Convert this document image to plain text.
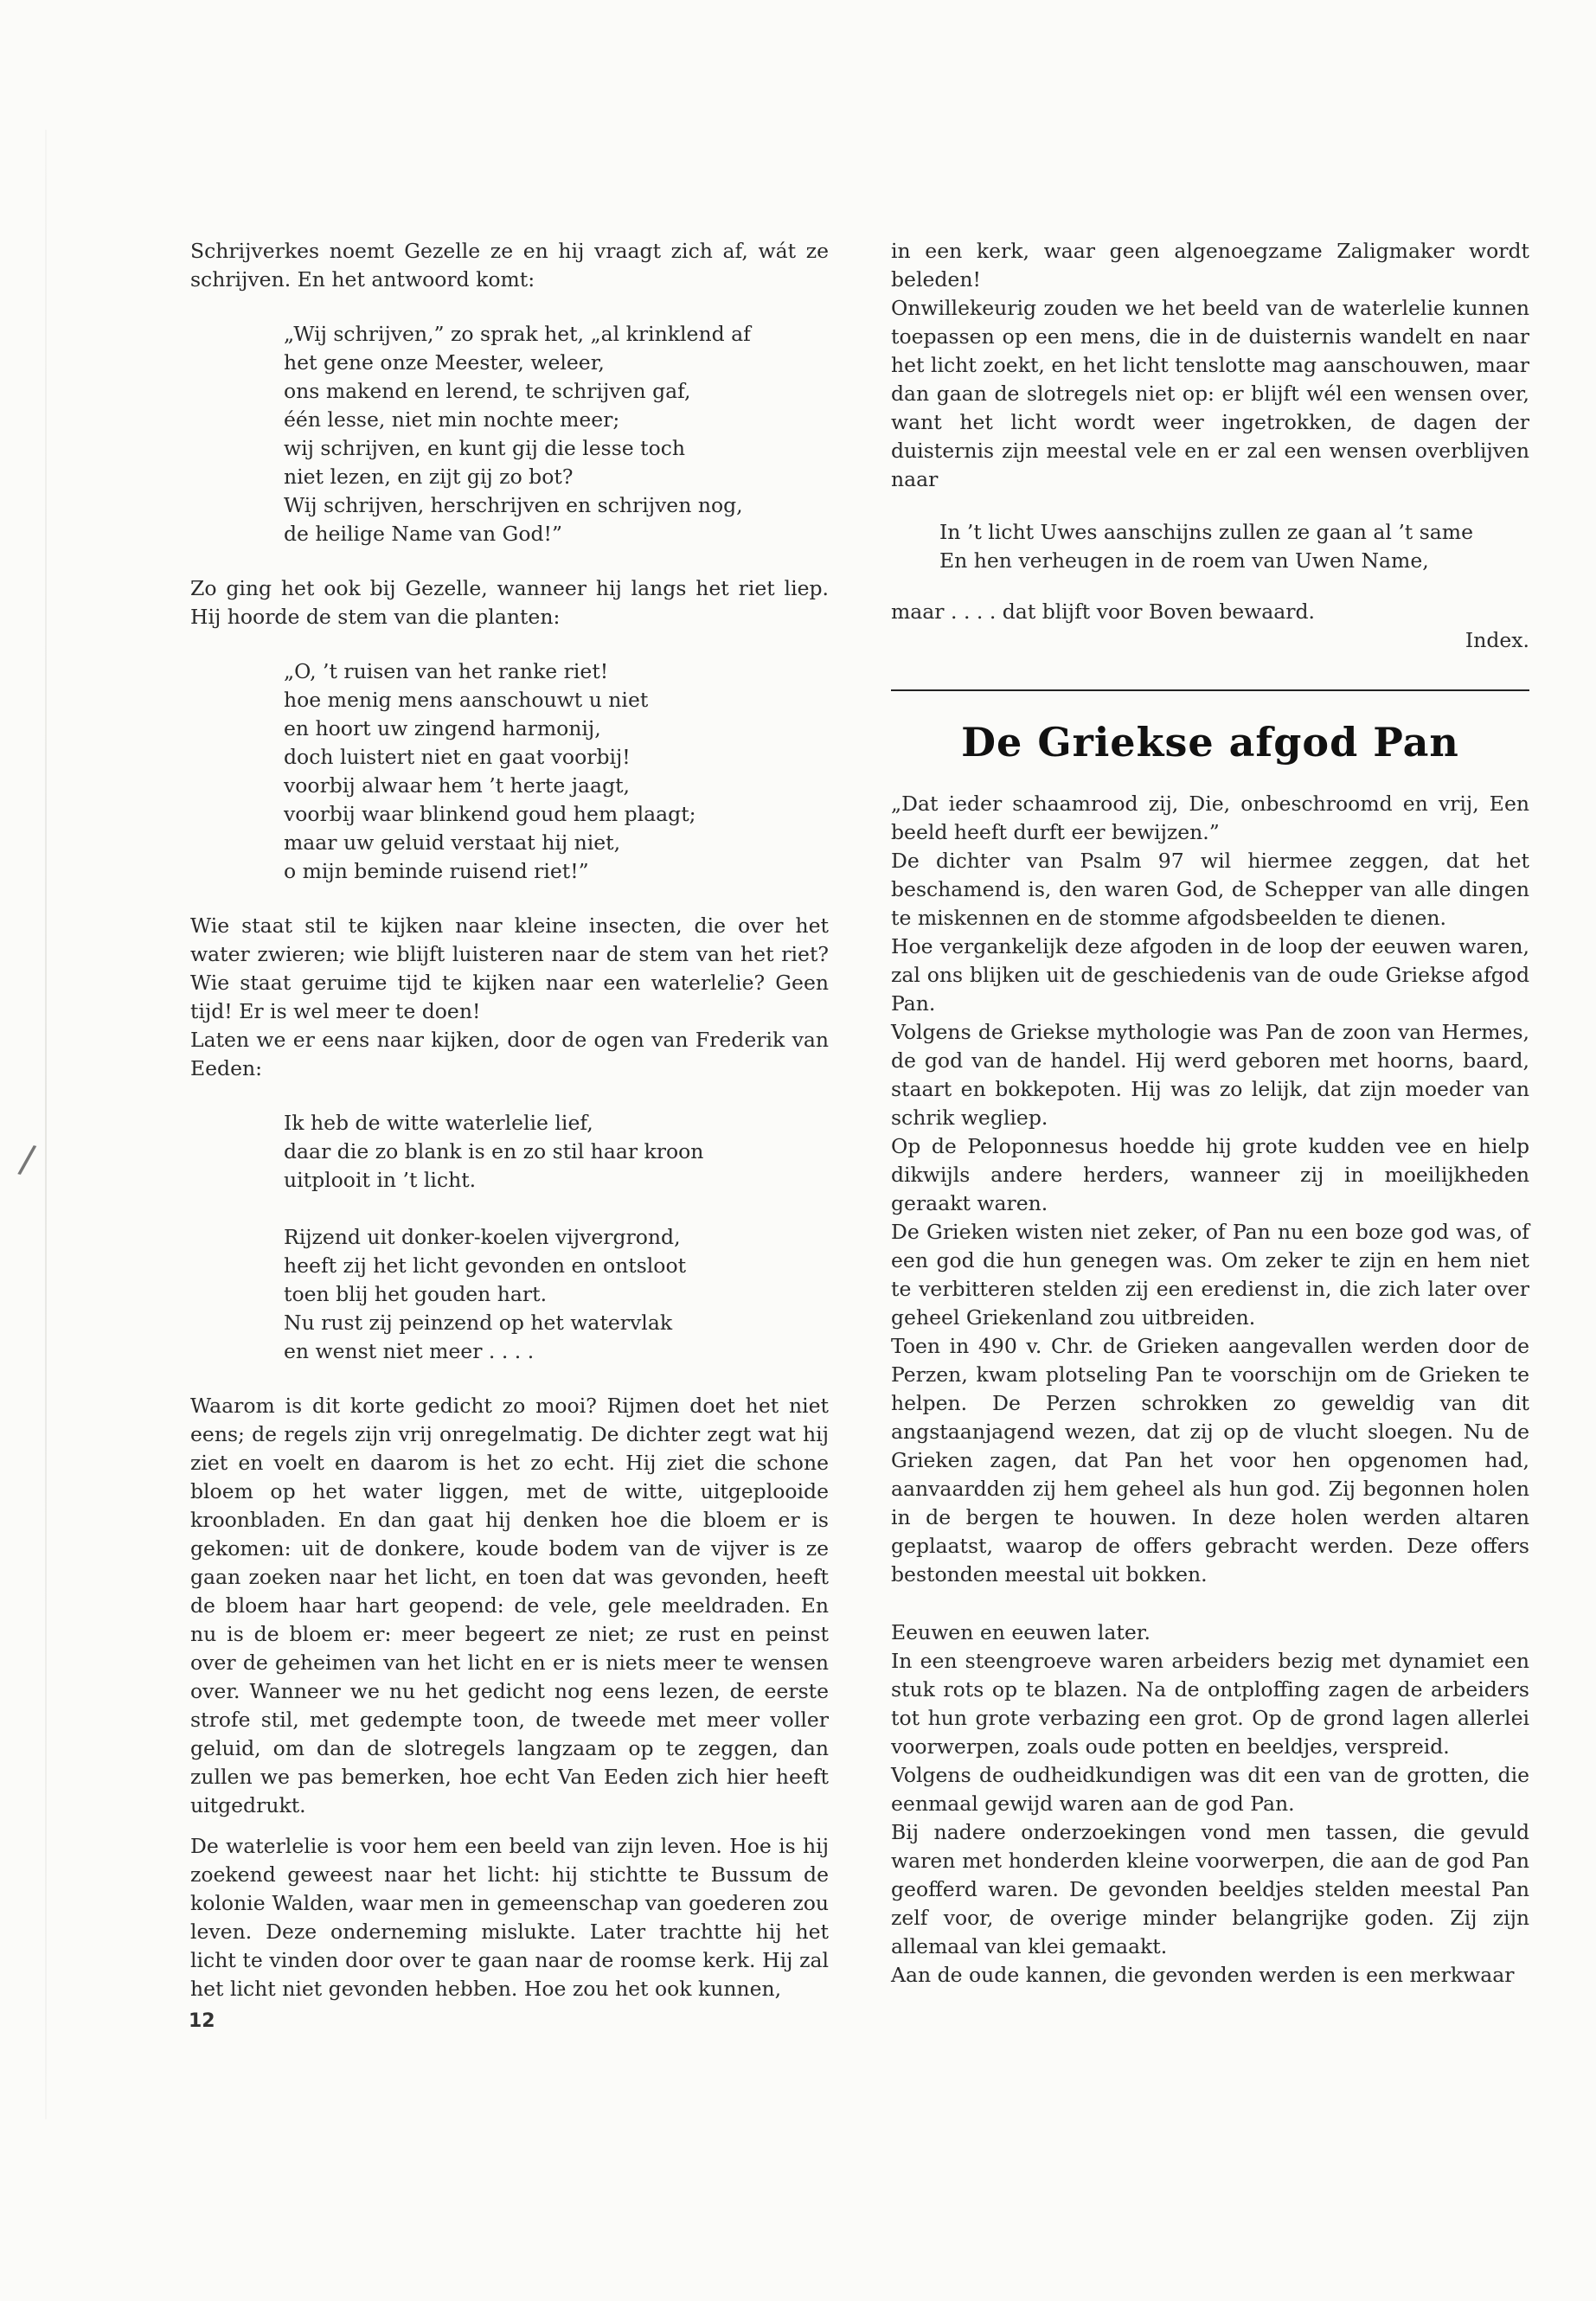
/

Schrijverkes noemt Gezelle ze en hij vraagt zich af, wát ze schrijven. En het antwoord komt:

„Wij schrijven,” zo sprak het, „al krinklend af
het gene onze Meester, weleer,
ons makend en lerend, te schrijven gaf,
één lesse, niet min nochte meer;
wij schrijven, en kunt gij die lesse toch
niet lezen, en zijt gij zo bot?
Wij schrijven, herschrijven en schrijven nog,
de heilige Name van God!”

Zo ging het ook bij Gezelle, wanneer hij langs het riet liep. Hij hoorde de stem van die planten:

„O, ’t ruisen van het ranke riet!
hoe menig mens aanschouwt u niet
en hoort uw zingend harmonij,
doch luistert niet en gaat voorbij!
voorbij alwaar hem ’t herte jaagt,
voorbij waar blinkend goud hem plaagt;
maar uw geluid verstaat hij niet,
o mijn beminde ruisend riet!”

Wie staat stil te kijken naar kleine insecten, die over het water zwieren; wie blijft luisteren naar de stem van het riet? Wie staat geruime tijd te kijken naar een waterlelie? Geen tijd! Er is wel meer te doen!

Laten we er eens naar kijken, door de ogen van Frederik van Eeden:

Ik heb de witte waterlelie lief,
daar die zo blank is en zo stil haar kroon
uitplooit in ’t licht.
Rijzend uit donker-koelen vijvergrond,
heeft zij het licht gevonden en ontsloot
toen blij het gouden hart.
Nu rust zij peinzend op het watervlak
en wenst niet meer . . . .

Waarom is dit korte gedicht zo mooi? Rijmen doet het niet eens; de regels zijn vrij onregelmatig. De dichter zegt wat hij ziet en voelt en daarom is het zo echt. Hij ziet die schone bloem op het water liggen, met de witte, uitgeplooide kroonbladen. En dan gaat hij denken hoe die bloem er is gekomen: uit de donkere, koude bodem van de vijver is ze gaan zoeken naar het licht, en toen dat was gevonden, heeft de bloem haar hart geopend: de vele, gele meeldraden. En nu is de bloem er: meer begeert ze niet; ze rust en peinst over de geheimen van het licht en er is niets meer te wensen over. Wanneer we nu het gedicht nog eens lezen, de eerste strofe stil, met gedempte toon, de tweede met meer voller geluid, om dan de slotregels langzaam op te zeggen, dan zullen we pas bemerken, hoe echt Van Eeden zich hier heeft uitgedrukt.

De waterlelie is voor hem een beeld van zijn leven. Hoe is hij zoekend geweest naar het licht: hij stichtte te Bussum de kolonie Walden, waar men in gemeenschap van goederen zou leven. Deze onderneming mislukte. Later trachtte hij het licht te vinden door over te gaan naar de roomse kerk. Hij zal het licht niet gevonden hebben. Hoe zou het ook kunnen,

in een kerk, waar geen algenoegzame Zaligmaker wordt beleden!

Onwillekeurig zouden we het beeld van de waterlelie kunnen toepassen op een mens, die in de duisternis wandelt en naar het licht zoekt, en het licht tenslotte mag aanschouwen, maar dan gaan de slotregels niet op: er blijft wél een wensen over, want het licht wordt weer ingetrokken, de dagen der duisternis zijn meestal vele en er zal een wensen overblijven naar

In ’t licht Uwes aanschijns zullen ze gaan al ’t same
En hen verheugen in de roem van Uwen Name,

maar . . . . dat blijft voor Boven bewaard.

Index.

De Griekse afgod Pan

„Dat ieder schaamrood zij, Die, onbeschroomd en vrij, Een beeld heeft durft eer bewijzen.”

De dichter van Psalm 97 wil hiermee zeggen, dat het beschamend is, den waren God, de Schepper van alle dingen te miskennen en de stomme afgodsbeelden te dienen.

Hoe vergankelijk deze afgoden in de loop der eeuwen waren, zal ons blijken uit de geschiedenis van de oude Griekse afgod Pan.

Volgens de Griekse mythologie was Pan de zoon van Hermes, de god van de handel. Hij werd geboren met hoorns, baard, staart en bokkepoten. Hij was zo lelijk, dat zijn moeder van schrik wegliep.

Op de Peloponnesus hoedde hij grote kudden vee en hielp dikwijls andere herders, wanneer zij in moeilijkheden geraakt waren.

De Grieken wisten niet zeker, of Pan nu een boze god was, of een god die hun genegen was. Om zeker te zijn en hem niet te verbitteren stelden zij een eredienst in, die zich later over geheel Griekenland zou uitbreiden.

Toen in 490 v. Chr. de Grieken aangevallen werden door de Perzen, kwam plotseling Pan te voorschijn om de Grieken te helpen. De Perzen schrokken zo geweldig van dit angstaanjagend wezen, dat zij op de vlucht sloegen. Nu de Grieken zagen, dat Pan het voor hen opgenomen had, aanvaardden zij hem geheel als hun god. Zij begonnen holen in de bergen te houwen. In deze holen werden altaren geplaatst, waarop de offers gebracht werden. Deze offers bestonden meestal uit bokken.

Eeuwen en eeuwen later.

In een steengroeve waren arbeiders bezig met dynamiet een stuk rots op te blazen. Na de ontploffing zagen de arbeiders tot hun grote verbazing een grot. Op de grond lagen allerlei voorwerpen, zoals oude potten en beeldjes, verspreid.

Volgens de oudheidkundigen was dit een van de grotten, die eenmaal gewijd waren aan de god Pan.

Bij nadere onderzoekingen vond men tassen, die gevuld waren met honderden kleine voorwerpen, die aan de god Pan geofferd waren. De gevonden beeldjes stelden meestal Pan zelf voor, de overige minder belangrijke goden. Zij zijn allemaal van klei gemaakt.

Aan de oude kannen, die gevonden werden is een merkwaar

12
